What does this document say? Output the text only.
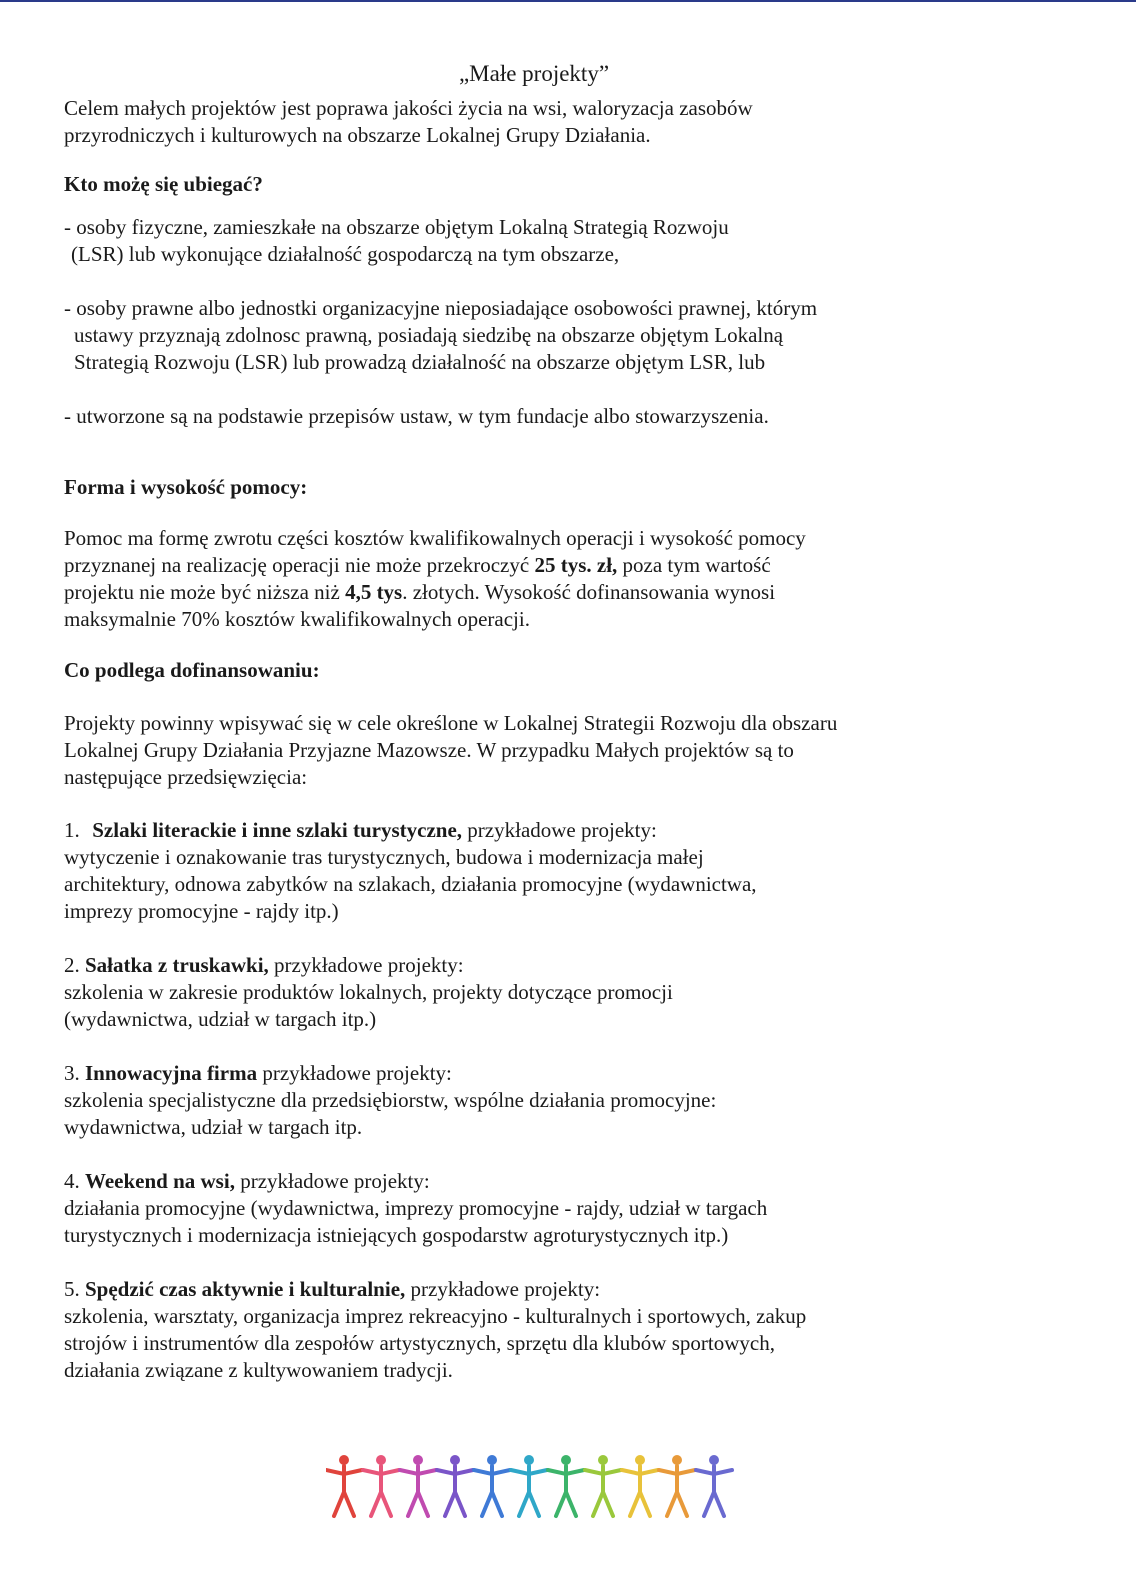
„Małe projekty”

Celem małych projektów jest poprawa jakości życia na wsi, waloryzacja zasobów

przyrodniczych i kulturowych na obszarze Lokalnej Grupy Działania.

Kto możę się ubiegać?

- osoby fizyczne, zamieszkałe na obszarze objętym Lokalną Strategią Rozwoju
(LSR) lub wykonujące działalność gospodarczą na tym obszarze,
- osoby prawne albo jednostki organizacyjne nieposiadające osobowości prawnej, którym
ustawy przyznają zdolnosc prawną, posiadają siedzibę na obszarze objętym Lokalną
Strategią Rozwoju (LSR) lub prowadzą działalność na obszarze objętym LSR, lub
- utworzone są na podstawie przepisów ustaw, w tym fundacje albo stowarzyszenia.

Forma i wysokość pomocy:

Pomoc ma formę zwrotu części kosztów kwalifikowalnych operacji i wysokość pomocy

przyznanej na realizację operacji nie może przekroczyć 25 tys. zł, poza tym wartość

projektu nie może być niższa niż 4,5 tys. złotych. Wysokość dofinansowania wynosi

maksymalnie 70% kosztów kwalifikowalnych operacji.

Co podlega dofinansowaniu:

Projekty powinny wpisywać się w cele określone w Lokalnej Strategii Rozwoju dla obszaru

Lokalnej Grupy Działania Przyjazne Mazowsze. W przypadku Małych projektów są to

następujące przedsięwzięcia:

1. Szlaki literackie i inne szlaki turystyczne, przykładowe projekty:

wytyczenie i oznakowanie tras turystycznych, budowa i modernizacja małej

architektury, odnowa zabytków na szlakach, działania promocyjne (wydawnictwa,

imprezy promocyjne - rajdy itp.)

2. Sałatka z truskawki, przykładowe projekty:

szkolenia w zakresie produktów lokalnych, projekty dotyczące promocji

(wydawnictwa, udział w targach itp.)

3. Innowacyjna firma przykładowe projekty:

szkolenia specjalistyczne dla przedsiębiorstw, wspólne działania promocyjne:

wydawnictwa, udział w targach itp.

4. Weekend na wsi, przykładowe projekty:

działania promocyjne (wydawnictwa, imprezy promocyjne - rajdy, udział w targach

turystycznych i modernizacja istniejących gospodarstw agroturystycznych itp.)

5. Spędzić czas aktywnie i kulturalnie, przykładowe projekty:

szkolenia, warsztaty, organizacja imprez rekreacyjno - kulturalnych i sportowych, zakup

strojów i instrumentów dla zespołów artystycznych, sprzętu dla klubów sportowych,

działania związane z kultywowaniem tradycji.
